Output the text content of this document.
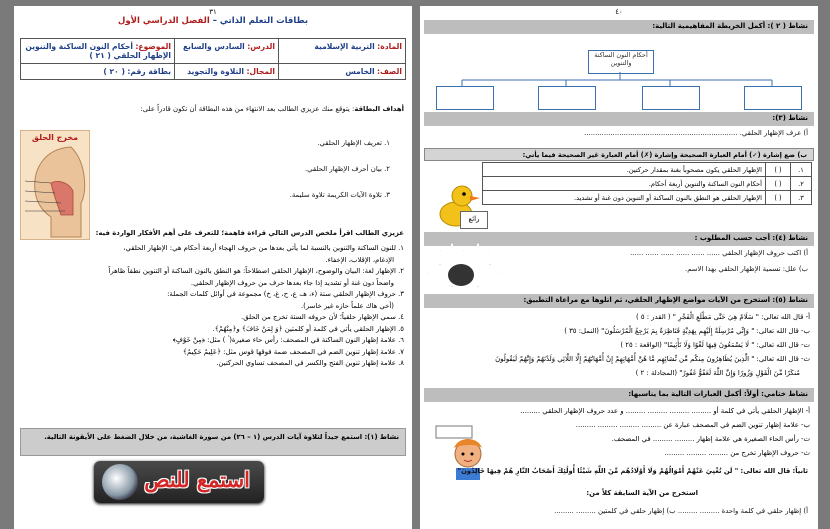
٣١
بطاقات التعلم الذاتي – الفصل الدراسي الأول
المادة: التربية الإسلامية	الدرس: السادس والسابع	الموضوع: أحكام النون الساكنة والتنوين
الإظهار الحلقي ( ٢١ )
الصف: الخامس	المجال: التلاوة والتجويد	بطاقة رقم: ( ٢٠ )
أهداف البطاقة: يتوقع منك عزيزي الطالب بعد الانتهاء من هذه البطاقة أن تكون قادراً على:
١. تعريف الإظهار الحلقي.
٢. بيان أحرف الإظهار الحلقي.
٣. تلاوة الآيات الكريمة تلاوة سليمة.
مخرج الحلق
عزيزي الطالب اقرأ ملخص الدرس التالي قراءة فاهمة؛ للتعرف على أهم الأفكار الواردة فيه:
١. للنون الساكنة والتنوين بالنسبة لما يأتي بعدها من حروف الهجاء أربعة أحكام هي: الإظهار الحلقي،
الإدغام، الإقلاب، الإخفاء.
٢. الإظهار لغة: البيان والوضوح، الإظهار الحلقي اصطلاحاً: هو النطق بالنون الساكنة أو التنوين نطقاً ظاهراً
واضحاً دون غنة أو تشديد إذا جاء بعدها حرف من حروف الإظهار الحلقي.
٣. حروف الإظهار الحلقي ستة (ء، هـ، ع، ح، غ، خ) مجموعة في أوائل كلمات الجملة:
(أخي هاك علماً حازه غير خاسر).
٤. سمي الإظهار حلقياً؛ لأن حروفه الستة تخرج من الحلق.
٥. الإظهار الحلقي يأتي في كلمة أو كلمتين ﴿وَ لِمَنْ خَافَ﴾ و﴿مِنْهُمْ﴾.
٦. علامة إظهار النون الساكنة في المصحف: رأس حاء صغيرة( ۡ ) مثل: ﴿مِنْ خَوْفٍ﴾
٧. علامة إظهار تنوين الضم في المصحف ضمة فوقها قوس مثل: ﴿عَلِيمٌ حَكِيمٌ﴾
٨. علامة إظهار تنوين الفتح والكسر في المصحف تساوي الحركتين.
نشاط (١): استمع جيداً لتلاوة آيات الدرس (١ – ٢٦) من سورة الغاشية، من خلال الضغط على الأيقونة التالية.
استمع للنص
٤٠
نشاط ( ٢ ): أكمل الخريطة المفاهيمية التالية:
أحكام النون الساكنة والتنوين
نشاط (٣):
أ) عرف الإظهار الحلقي. ......................................................................
ب) ضع إشارة (✓) أمام العبارة الصحيحة وإشارة (✗) أمام العبارة غير الصحيحة فيما يأتي:
١.	( )	الإظهار الحلقي يكون مصحوباً بغنة بمقدار حركتين.
٢.	( )	أحكام النون الساكنة والتنوين أربعة أحكام.
٣.	( )	الإظهار الحلقي هو النطق بالنون الساكنة أو التنوين دون غنة أو تشديد.
رائع
نشاط (٤): أجب حسب المطلوب :
أ) اكتب حروف الإظهار الحلقي ...... ...... ...... ...... ...... ......
ب) علل: تسمية الإظهار الحلقي بهذا الاسم.
نشاط (٥): استخرج من الآيات مواضع الإظهار الحلقي، ثم اتلوها مع مراعاة التطبيق:
أ- قال الله تعالى: " سَلَامٌ هِيَ حَتَّى مَطْلَعِ الْفَجْرِ " ( القدر : ٥ )
ب- قال الله تعالى: " وَإِنِّي مُرْسِلَةٌ إِلَيْهِم بِهَدِيَّةٍ فَنَاظِرَةٌ بِمَ يَرْجِعُ الْمُرْسَلُونَ" (النمل: ٣٥ )
ت- قال الله تعالى: " لَا يَسْمَعُونَ فِيهَا لَغْوًا وَلَا تَأْثِيمًا" (الواقعة : ٢٥ )
ث- قال الله تعالى: " الَّذِينَ يُظَاهِرُونَ مِنكُم مِّن نِّسَائِهِم مَّا هُنَّ أُمَّهَاتِهِمْ إِنْ أُمَّهَاتُهُمْ إِلَّا اللَّائِي وَلَدْنَهُمْ وَإِنَّهُمْ لَيَقُولُونَ
مُنكَرًا مِّنَ الْقَوْلِ وَزُورًا وَإِنَّ اللَّهَ لَعَفُوٌّ غَفُورٌ" (المجادلة : ٢ )
نشاط ختامي: أولاً: أكمل العبارات التالية بما يناسبها:
أ- الإظهار الحلقي يأتي في كلمة أو ......... ......... ......... ......... و عدد حروف الإظهار الحلقي .........
ب- علامة إظهار تنوين الضم في المصحف عبارة عن ......... ......... ......... .........
ت- رأس الحاء الصغيرة هي علامة إظهار ......... ......... في المصحف.
ث- حروف الإظهار تخرج من ......... ......... .........
ثانياً: قال الله تعالى: " لَن تُغْنِيَ عَنْهُمْ أَمْوَالُهُمْ وَلَا أَوْلَادُهُم مِّنَ اللَّهِ شَيْئًا أُولَٰئِكَ أَصْحَابُ النَّارِ هُمْ فِيهَا خَالِدُونَ"
استخرج من الآية السابقة كلاً من:
أ) إظهار حلقي في كلمة واحدة ......... ......... ب) إظهار حلقي في كلمتين ......... .........
